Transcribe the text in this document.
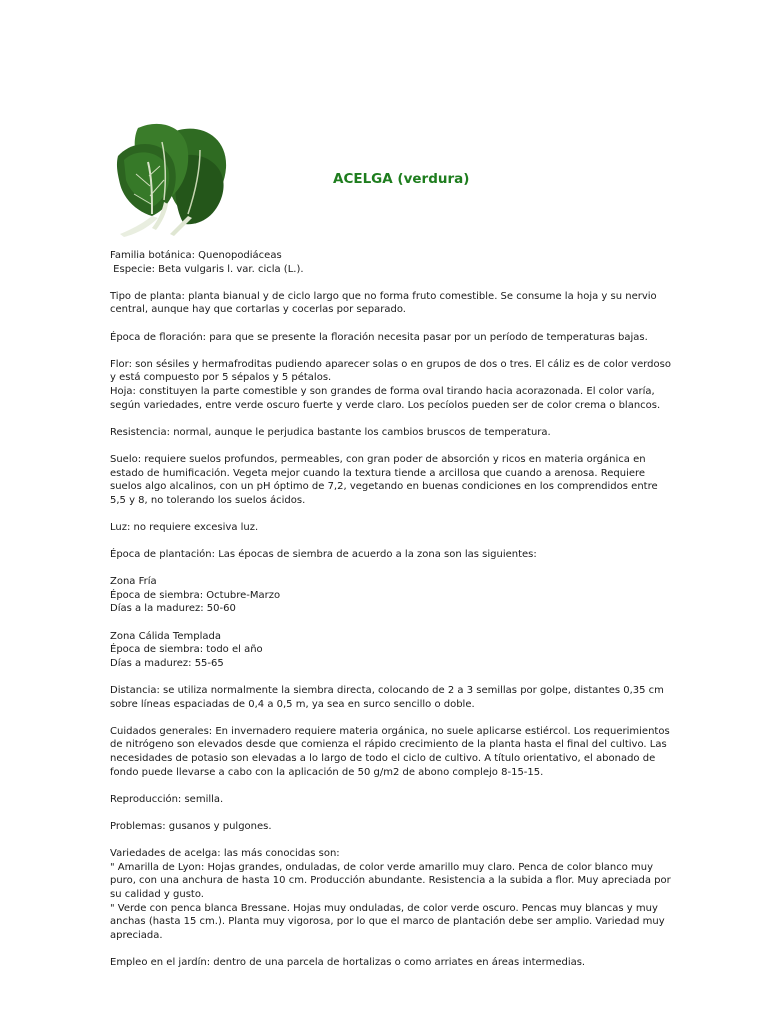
ACELGA (verdura)

Familia botánica: Quenopodiáceas
Especie: Beta vulgaris l. var. cicla (L.).

Tipo de planta: planta bianual y de ciclo largo que no forma fruto comestible. Se consume la hoja y su nervio
central, aunque hay que cortarlas y cocerlas por separado.

Época de floración: para que se presente la floración necesita pasar por un período de temperaturas bajas.

Flor: son sésiles y hermafroditas pudiendo aparecer solas o en grupos de dos o tres. El cáliz es de color verdoso
y está compuesto por 5 sépalos y 5 pétalos.
Hoja: constituyen la parte comestible y son grandes de forma oval tirando hacia acorazonada. El color varía,
según variedades, entre verde oscuro fuerte y verde claro. Los pecíolos pueden ser de color crema o blancos.

Resistencia: normal, aunque le perjudica bastante los cambios bruscos de temperatura.

Suelo: requiere suelos profundos, permeables, con gran poder de absorción y ricos en materia orgánica en
estado de humificación. Vegeta mejor cuando la textura tiende a arcillosa que cuando a arenosa. Requiere
suelos algo alcalinos, con un pH óptimo de 7,2, vegetando en buenas condiciones en los comprendidos entre
5,5 y 8, no tolerando los suelos ácidos.

Luz: no requiere excesiva luz.

Época de plantación: Las épocas de siembra de acuerdo a la zona son las siguientes:

Zona Fría
Época de siembra: Octubre-Marzo
Días a la madurez: 50-60

Zona Cálida Templada
Época de siembra: todo el año
Días a madurez: 55-65

Distancia: se utiliza normalmente la siembra directa, colocando de 2 a 3 semillas por golpe, distantes 0,35 cm
sobre líneas espaciadas de 0,4 a 0,5 m, ya sea en surco sencillo o doble.

Cuidados generales: En invernadero requiere materia orgánica, no suele aplicarse estiércol. Los requerimientos
de nitrógeno son elevados desde que comienza el rápido crecimiento de la planta hasta el final del cultivo. Las
necesidades de potasio son elevadas a lo largo de todo el ciclo de cultivo. A título orientativo, el abonado de
fondo puede llevarse a cabo con la aplicación de 50 g/m2 de abono complejo 8-15-15.

Reproducción: semilla.

Problemas: gusanos y pulgones.

Variedades de acelga: las más conocidas son:
" Amarilla de Lyon: Hojas grandes, onduladas, de color verde amarillo muy claro. Penca de color blanco muy
puro, con una anchura de hasta 10 cm. Producción abundante. Resistencia a la subida a flor. Muy apreciada por
su calidad y gusto.
" Verde con penca blanca Bressane. Hojas muy onduladas, de color verde oscuro. Pencas muy blancas y muy
anchas (hasta 15 cm.). Planta muy vigorosa, por lo que el marco de plantación debe ser amplio. Variedad muy
apreciada.

Empleo en el jardín: dentro de una parcela de hortalizas o como arriates en áreas intermedias.
